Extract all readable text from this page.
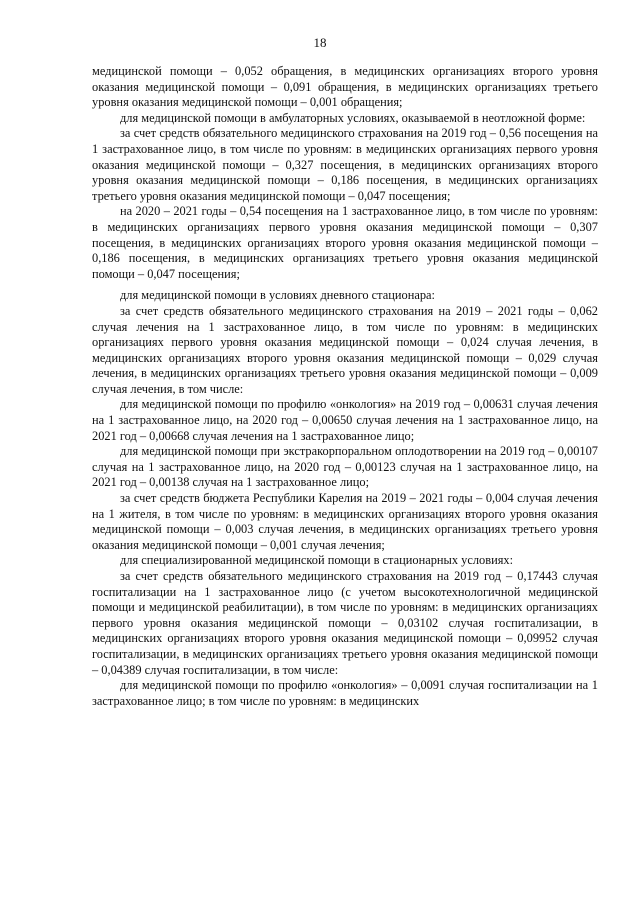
18

медицинской помощи – 0,052 обращения, в медицинских организациях второго уровня оказания медицинской помощи – 0,091 обращения, в медицинских организациях третьего уровня оказания медицинской помощи – 0,001 обращения;

для медицинской помощи в амбулаторных условиях, оказываемой в неотложной форме:

за счет средств обязательного медицинского страхования на 2019 год – 0,56 посещения на 1 застрахованное лицо, в том числе по уровням: в медицинских организациях первого уровня оказания медицинской помощи – 0,327 посещения, в медицинских организациях второго уровня оказания медицинской помощи – 0,186 посещения, в медицинских организациях третьего уровня оказания медицинской помощи – 0,047 посещения;

на 2020 – 2021 годы – 0,54 посещения на 1 застрахованное лицо, в том числе по уровням: в медицинских организациях первого уровня оказания медицинской помощи – 0,307 посещения, в медицинских организациях второго уровня оказания медицинской помощи – 0,186 посещения, в медицинских организациях третьего уровня оказания медицинской помощи – 0,047 посещения;

для медицинской помощи в условиях дневного стационара:

за счет средств обязательного медицинского страхования на 2019 – 2021 годы – 0,062 случая лечения на 1 застрахованное лицо, в том числе по уровням: в медицинских организациях первого уровня оказания медицинской помощи – 0,024 случая лечения, в медицинских организациях второго уровня оказания медицинской помощи – 0,029 случая лечения, в медицинских организациях третьего уровня оказания медицинской помощи – 0,009 случая лечения, в том числе:

для медицинской помощи по профилю «онкология» на 2019 год – 0,00631 случая лечения на 1 застрахованное лицо, на 2020 год – 0,00650 случая лечения на 1 застрахованное лицо, на 2021 год – 0,00668 случая лечения на 1 застрахованное лицо;

для медицинской помощи при экстракорпоральном оплодотворении на 2019 год – 0,00107 случая на 1 застрахованное лицо, на 2020 год – 0,00123 случая на 1 застрахованное лицо, на 2021 год – 0,00138 случая на 1 застрахованное лицо;

за счет средств бюджета Республики Карелия на 2019 – 2021 годы – 0,004 случая лечения на 1 жителя, в том числе по уровням: в медицинских организациях второго уровня оказания медицинской помощи – 0,003 случая лечения, в медицинских организациях третьего уровня оказания медицинской помощи – 0,001 случая лечения;

для специализированной медицинской помощи в стационарных условиях:

за счет средств обязательного медицинского страхования на 2019 год – 0,17443 случая госпитализации на 1 застрахованное лицо (с учетом высокотехнологичной медицинской помощи и медицинской реабилитации), в том числе по уровням: в медицинских организациях первого уровня оказания медицинской помощи – 0,03102 случая госпитализации, в медицинских организациях второго уровня оказания медицинской помощи – 0,09952 случая госпитализации, в медицинских организациях третьего уровня оказания медицинской помощи – 0,04389 случая госпитализации, в том числе:

для медицинской помощи по профилю «онкология» – 0,0091 случая госпитализации на 1 застрахованное лицо; в том числе по уровням: в медицинских
